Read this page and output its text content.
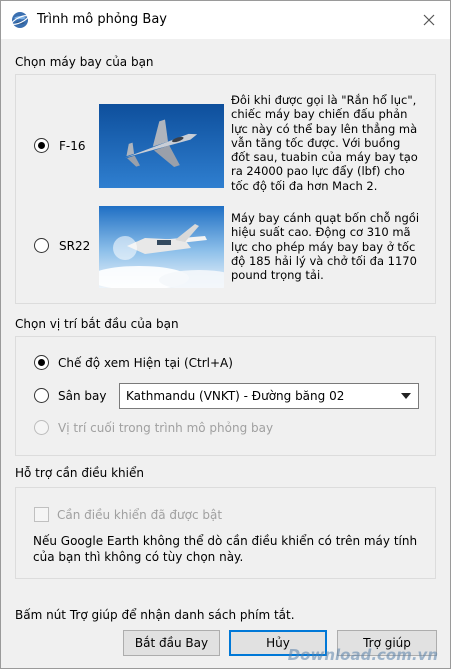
Trình mô phỏng Bay
Chọn máy bay của bạn
F-16
Đôi khi được gọi là "Rắn hổ lục", chiếc máy bay chiến đấu phản lực này có thể bay lên thẳng mà vẫn tăng tốc được. Với buồng đốt sau, tuabin của máy bay tạo ra 24000 pao lực đẩy (lbf) cho tốc độ tối đa hơn Mach 2.
SR22
Máy bay cánh quạt bốn chỗ ngồi hiệu suất cao. Động cơ 310 mã lực cho phép máy bay bay ở tốc độ 185 hải lý và chở tối đa 1170 pound trọng tải.
Chọn vị trí bắt đầu của bạn
Chế độ xem Hiện tại (Ctrl+A)
Sân bay Kathmandu (VNKT) - Đường băng 02
Vị trí cuối trong trình mô phỏng bay
Hỗ trợ cần điều khiển
Cần điều khiển đã được bật
Nếu Google Earth không thể dò cần điều khiển có trên máy tính của bạn thì không có tùy chọn này.
Bấm nút Trợ giúp để nhận danh sách phím tắt.
Bắt đầu Bay	Hủy	Trợ giúp
Download.com.vn
